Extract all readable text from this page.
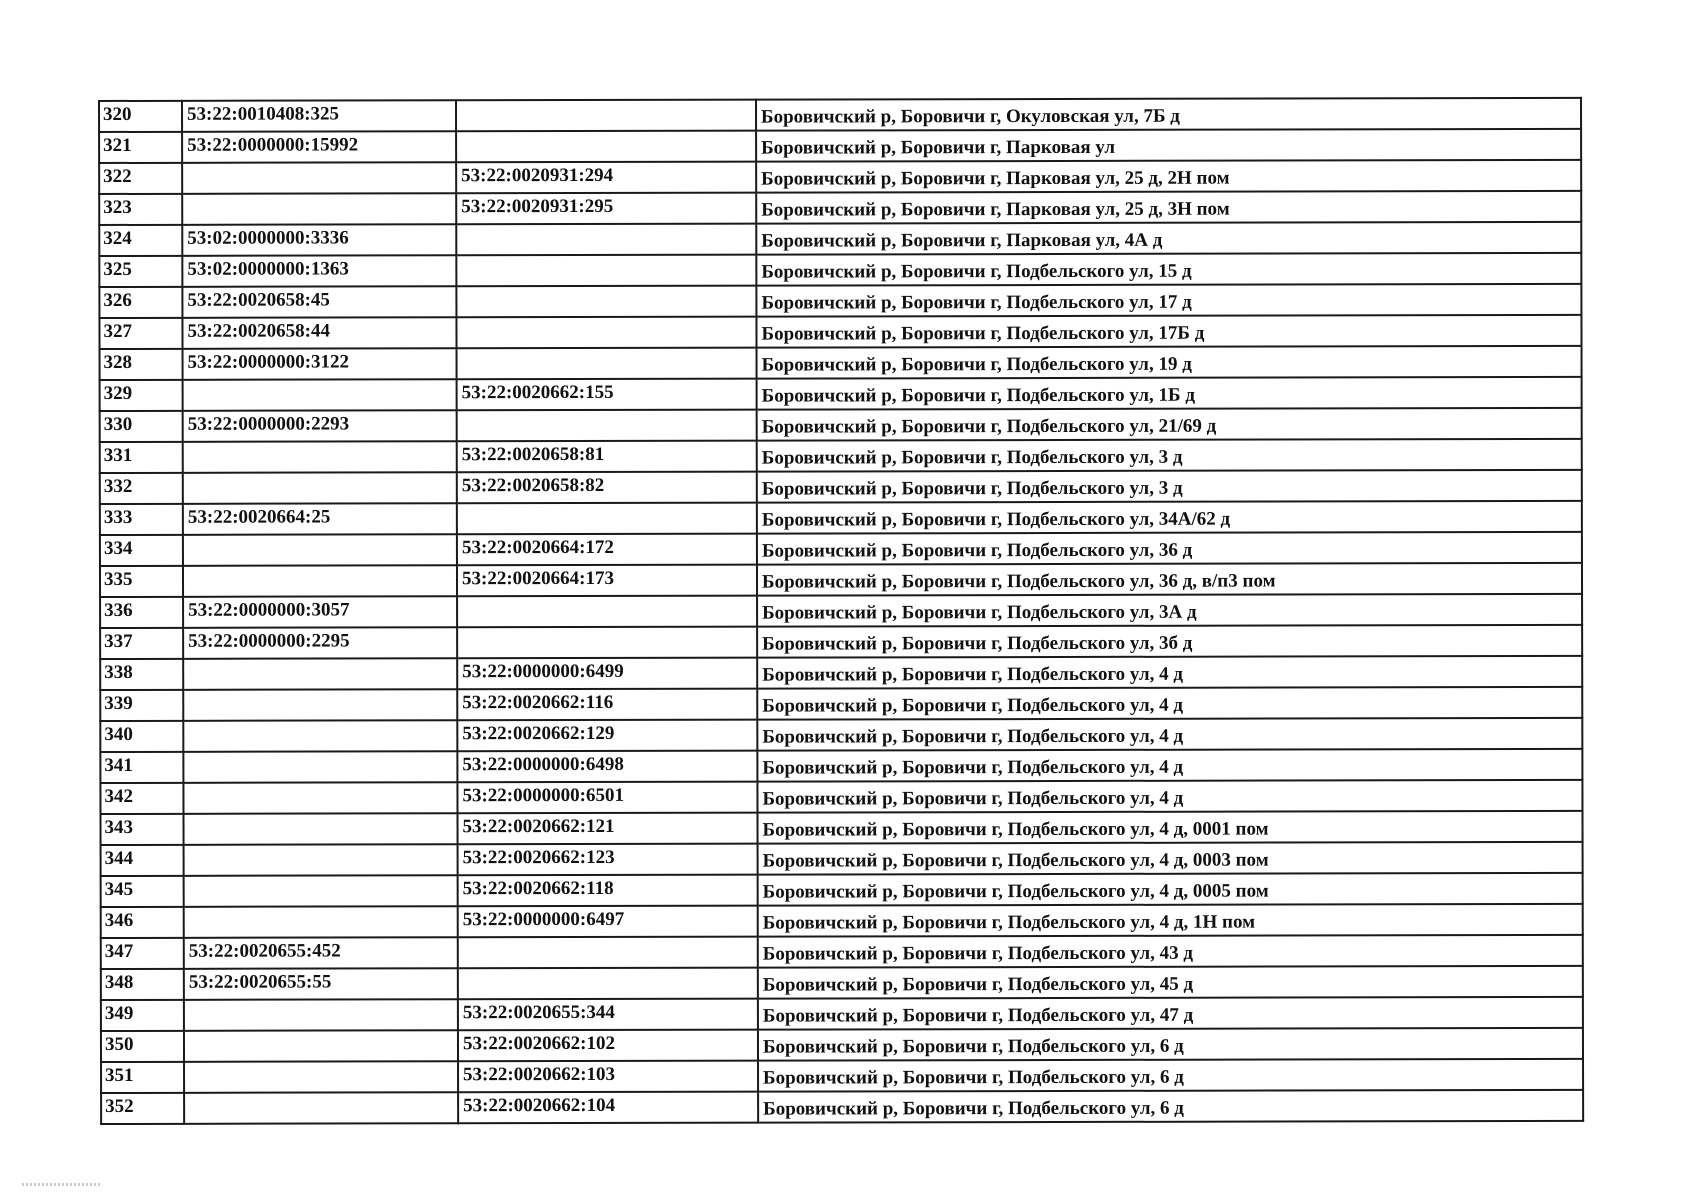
320	53:22:0010408:325		Боровичский р, Боровичи г, Окуловская ул, 7Б д
321	53:22:0000000:15992		Боровичский р, Боровичи г, Парковая ул
322		53:22:0020931:294	Боровичский р, Боровичи г, Парковая ул, 25 д, 2Н пом
323		53:22:0020931:295	Боровичский р, Боровичи г, Парковая ул, 25 д, 3Н пом
324	53:02:0000000:3336		Боровичский р, Боровичи г, Парковая ул, 4А д
325	53:02:0000000:1363		Боровичский р, Боровичи г, Подбельского ул, 15 д
326	53:22:0020658:45		Боровичский р, Боровичи г, Подбельского ул, 17 д
327	53:22:0020658:44		Боровичский р, Боровичи г, Подбельского ул, 17Б д
328	53:22:0000000:3122		Боровичский р, Боровичи г, Подбельского ул, 19 д
329		53:22:0020662:155	Боровичский р, Боровичи г, Подбельского ул, 1Б д
330	53:22:0000000:2293		Боровичский р, Боровичи г, Подбельского ул, 21/69 д
331		53:22:0020658:81	Боровичский р, Боровичи г, Подбельского ул, 3 д
332		53:22:0020658:82	Боровичский р, Боровичи г, Подбельского ул, 3 д
333	53:22:0020664:25		Боровичский р, Боровичи г, Подбельского ул, 34А/62 д
334		53:22:0020664:172	Боровичский р, Боровичи г, Подбельского ул, 36 д
335		53:22:0020664:173	Боровичский р, Боровичи г, Подбельского ул, 36 д, в/п3 пом
336	53:22:0000000:3057		Боровичский р, Боровичи г, Подбельского ул, 3А д
337	53:22:0000000:2295		Боровичский р, Боровичи г, Подбельского ул, 3б д
338		53:22:0000000:6499	Боровичский р, Боровичи г, Подбельского ул, 4 д
339		53:22:0020662:116	Боровичский р, Боровичи г, Подбельского ул, 4 д
340		53:22:0020662:129	Боровичский р, Боровичи г, Подбельского ул, 4 д
341		53:22:0000000:6498	Боровичский р, Боровичи г, Подбельского ул, 4 д
342		53:22:0000000:6501	Боровичский р, Боровичи г, Подбельского ул, 4 д
343		53:22:0020662:121	Боровичский р, Боровичи г, Подбельского ул, 4 д, 0001 пом
344		53:22:0020662:123	Боровичский р, Боровичи г, Подбельского ул, 4 д, 0003 пом
345		53:22:0020662:118	Боровичский р, Боровичи г, Подбельского ул, 4 д, 0005 пом
346		53:22:0000000:6497	Боровичский р, Боровичи г, Подбельского ул, 4 д, 1Н пом
347	53:22:0020655:452		Боровичский р, Боровичи г, Подбельского ул, 43 д
348	53:22:0020655:55		Боровичский р, Боровичи г, Подбельского ул, 45 д
349		53:22:0020655:344	Боровичский р, Боровичи г, Подбельского ул, 47 д
350		53:22:0020662:102	Боровичский р, Боровичи г, Подбельского ул, 6 д
351		53:22:0020662:103	Боровичский р, Боровичи г, Подбельского ул, 6 д
352		53:22:0020662:104	Боровичский р, Боровичи г, Подбельского ул, 6 д
